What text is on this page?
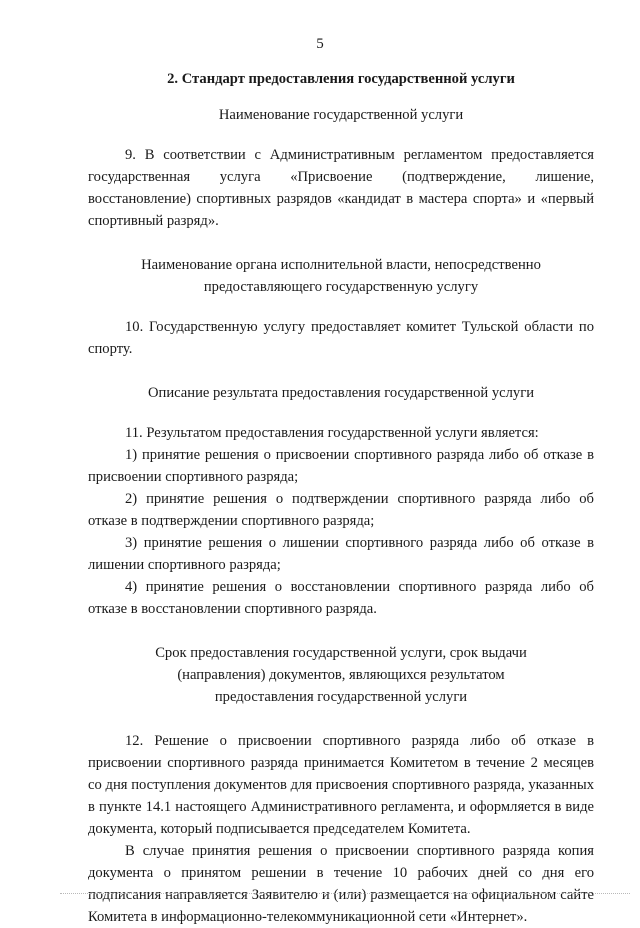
5
2. Стандарт предоставления государственной услуги
Наименование государственной услуги

9. В соответствии с Административным регламентом предоставляется государственная услуга «Присвоение (подтверждение, лишение, восстановление) спортивных разрядов «кандидат в мастера спорта» и «первый спортивный разряд».

Наименование органа исполнительной власти, непосредственно предоставляющего государственную услугу

10. Государственную услугу предоставляет комитет Тульской области по спорту.

Описание результата предоставления государственной услуги

11. Результатом предоставления государственной услуги является:

1) принятие решения о присвоении спортивного разряда либо об отказе в присвоении спортивного разряда;

2) принятие решения о подтверждении спортивного разряда либо об отказе в подтверждении спортивного разряда;

3) принятие решения о лишении спортивного разряда либо об отказе в лишении спортивного разряда;

4) принятие решения о восстановлении спортивного разряда либо об отказе в восстановлении спортивного разряда.

Срок предоставления государственной услуги, срок выдачи (направления) документов, являющихся результатом предоставления государственной услуги

12. Решение о присвоении спортивного разряда либо об отказе в присвоении спортивного разряда принимается Комитетом в течение 2 месяцев со дня поступления документов для присвоения спортивного разряда, указанных в пункте 14.1 настоящего Административного регламента, и оформляется в виде документа, который подписывается председателем Комитета.

В случае принятия решения о присвоении спортивного разряда копия документа о принятом решении в течение 10 рабочих дней со дня его подписания направляется Заявителю и (или) размещается на официальном сайте Комитета в информационно-телекоммуникационной сети «Интернет».
